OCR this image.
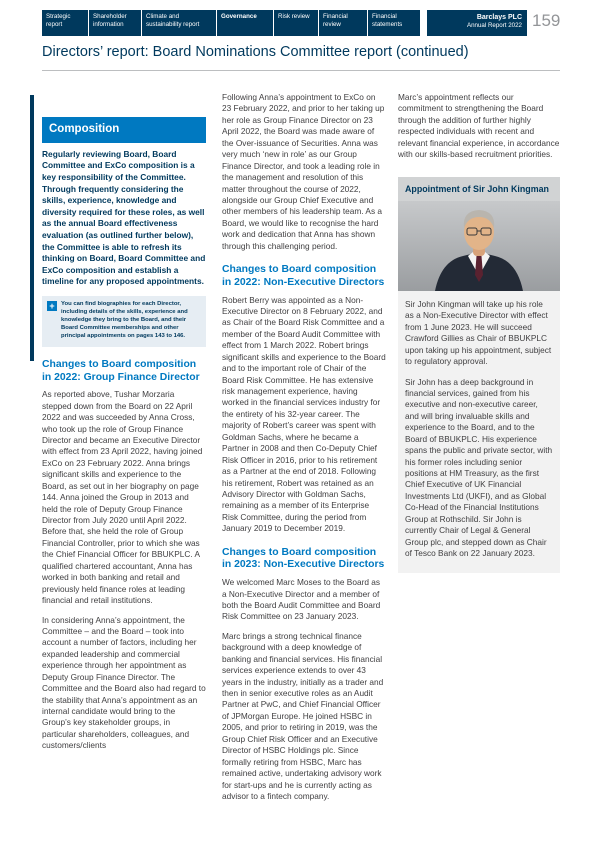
Strategic report
Shareholder information
Climate and sustainability report
Governance	Risk review	Financial review
Financial statements
Barclays PLC
Annual Report 2022 159
Directors’ report: Board Nominations Committee report (continued)
Composition

Regularly reviewing Board, Board Committee and ExCo composition is a key responsibility of the Committee. Through frequently considering the skills, experience, knowledge and diversity required for these roles, as well as the annual Board effectiveness evaluation (as outlined further below), the Committee is able to refresh its thinking on Board, Board Committee and ExCo composition and establish a timeline for any proposed appointments.

+	You can find biographies for each Director, including details of the skills, experience and knowledge they bring to the Board, and their Board Committee memberships and other principal appointments on pages 143 to 146.
Changes to Board composition in 2022: Group Finance Director

As reported above, Tushar Morzaria stepped down from the Board on 22 April 2022 and was succeeded by Anna Cross, who took up the role of Group Finance Director and became an Executive Director with effect from 23 April 2022, having joined ExCo on 23 February 2022. Anna brings significant skills and experience to the Board, as set out in her biography on page 144. Anna joined the Group in 2013 and held the role of Deputy Group Finance Director from July 2020 until April 2022. Before that, she held the role of Group Financial Controller, prior to which she was the Chief Financial Officer for BBUKPLC. A qualified chartered accountant, Anna has worked in both banking and retail and previously held finance roles at leading financial and retail institutions.

In considering Anna’s appointment, the Committee – and the Board – took into account a number of factors, including her expanded leadership and commercial experience through her appointment as Deputy Group Finance Director. The Committee and the Board also had regard to the stability that Anna’s appointment as an internal candidate would bring to the Group’s key stakeholder groups, in particular shareholders, colleagues, and customers/clients

Following Anna’s appointment to ExCo on 23 February 2022, and prior to her taking up her role as Group Finance Director on 23 April 2022, the Board was made aware of the Over-issuance of Securities. Anna was very much ‘new in role’ as our Group Finance Director, and took a leading role in the management and resolution of this matter throughout the course of 2022, alongside our Group Chief Executive and other members of his leadership team. As a Board, we would like to recognise the hard work and dedication that Anna has shown through this challenging period.

Changes to Board composition in 2022: Non-Executive Directors

Robert Berry was appointed as a Non-Executive Director on 8 February 2022, and as Chair of the Board Risk Committee and a member of the Board Audit Committee with effect from 1 March 2022. Robert brings significant skills and experience to the Board and to the important role of Chair of the Board Risk Committee. He has extensive risk management experience, having worked in the financial services industry for the entirety of his 32-year career. The majority of Robert’s career was spent with Goldman Sachs, where he became a Partner in 2008 and then Co-Deputy Chief Risk Officer in 2016, prior to his retirement as a Partner at the end of 2018. Following his retirement, Robert was retained as an Advisory Director with Goldman Sachs, remaining as a member of its Enterprise Risk Committee, during the period from January 2019 to December 2019.

Changes to Board composition in 2023: Non-Executive Directors

We welcomed Marc Moses to the Board as a Non-Executive Director and a member of both the Board Audit Committee and Board Risk Committee on 23 January 2023.

Marc brings a strong technical finance background with a deep knowledge of banking and financial services. His financial services experience extends to over 43 years in the industry, initially as a trader and then in senior executive roles as an Audit Partner at PwC, and Chief Financial Officer of JPMorgan Europe. He joined HSBC in 2005, and prior to retiring in 2019, was the Group Chief Risk Officer and an Executive Director of HSBC Holdings plc. Since formally retiring from HSBC, Marc has remained active, undertaking advisory work for start-ups and he is currently acting as advisor to a fintech company.

Marc’s appointment reflects our commitment to strengthening the Board through the addition of further highly respected individuals with recent and relevant financial experience, in accordance with our skills-based recruitment priorities.

Appointment of Sir John Kingman

Sir John Kingman will take up his role as a Non-Executive Director with effect from 1 June 2023. He will succeed Crawford Gillies as Chair of BBUKPLC upon taking up his appointment, subject to regulatory approval.

Sir John has a deep background in financial services, gained from his executive and non-executive career, and will bring invaluable skills and experience to the Board, and to the Board of BBUKPLC. His experience spans the public and private sector, with his former roles including senior positions at HM Treasury, as the first Chief Executive of UK Financial Investments Ltd (UKFI), and as Global Co-Head of the Financial Institutions Group at Rothschild. Sir John is currently Chair of Legal & General Group plc, and stepped down as Chair of Tesco Bank on 22 January 2023.
